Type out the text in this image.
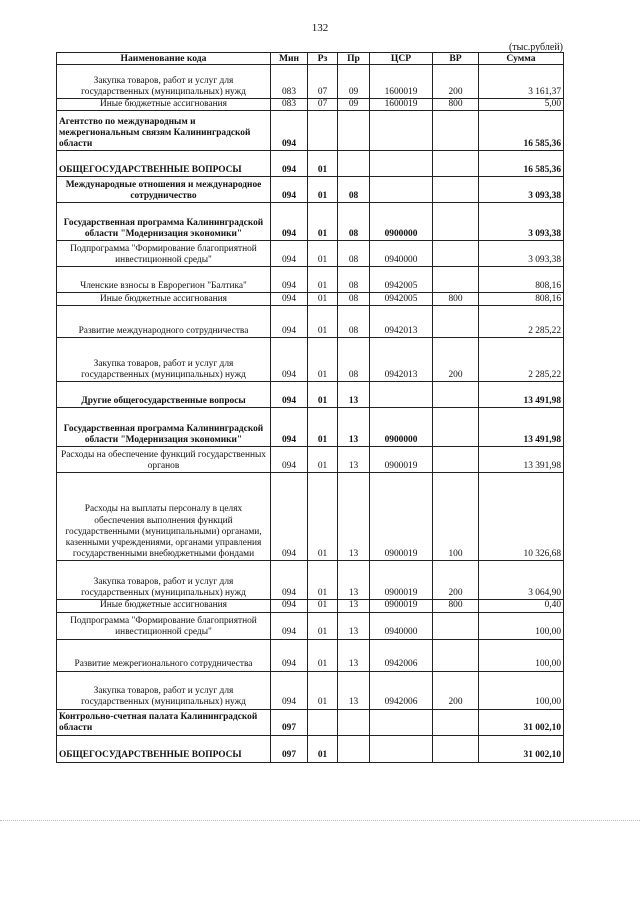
132
(тыс.рублей)
Наименование кода	Мин	Рз	Пр	ЦСР	ВР	Сумма
Закупка товаров, работ и услуг для государственных (муниципальных) нужд	083	07	09	1600019	200	3 161,37
Иные бюджетные ассигнования	083	07	09	1600019	800	5,00
Агентство по международным и межрегиональным связям Калининградской области	094					16 585,36
ОБЩЕГОСУДАРСТВЕННЫЕ ВОПРОСЫ	094	01				16 585,36
Международные отношения и международное сотрудничество	094	01	08			3 093,38
Государственная программа Калининградской области "Модернизация экономики"	094	01	08	0900000		3 093,38
Подпрограмма "Формирование благоприятной инвестиционной среды"	094	01	08	0940000		3 093,38
Членские взносы в Еврорегион "Балтика"	094	01	08	0942005		808,16
Иные бюджетные ассигнования	094	01	08	0942005	800	808,16
Развитие международного сотрудничества	094	01	08	0942013		2 285,22
Закупка товаров, работ и услуг для государственных (муниципальных) нужд	094	01	08	0942013	200	2 285,22
Другие общегосударственные вопросы	094	01	13			13 491,98
Государственная программа Калининградской области "Модернизация экономики"	094	01	13	0900000		13 491,98
Расходы на обеспечение функций государственных органов	094	01	13	0900019		13 391,98
Расходы на выплаты персоналу в целях обеспечения выполнения функций государственными (муниципальными) органами, казенными учреждениями, органами управления государственными внебюджетными фондами	094	01	13	0900019	100	10 326,68
Закупка товаров, работ и услуг для государственных (муниципальных) нужд	094	01	13	0900019	200	3 064,90
Иные бюджетные ассигнования	094	01	13	0900019	800	0,40
Подпрограмма "Формирование благоприятной инвестиционной среды"	094	01	13	0940000		100,00
Развитие межрегионального сотрудничества	094	01	13	0942006		100,00
Закупка товаров, работ и услуг для государственных (муниципальных) нужд	094	01	13	0942006	200	100,00
Контрольно-счетная палата Калининградской области	097					31 002,10
ОБЩЕГОСУДАРСТВЕННЫЕ ВОПРОСЫ	097	01				31 002,10
